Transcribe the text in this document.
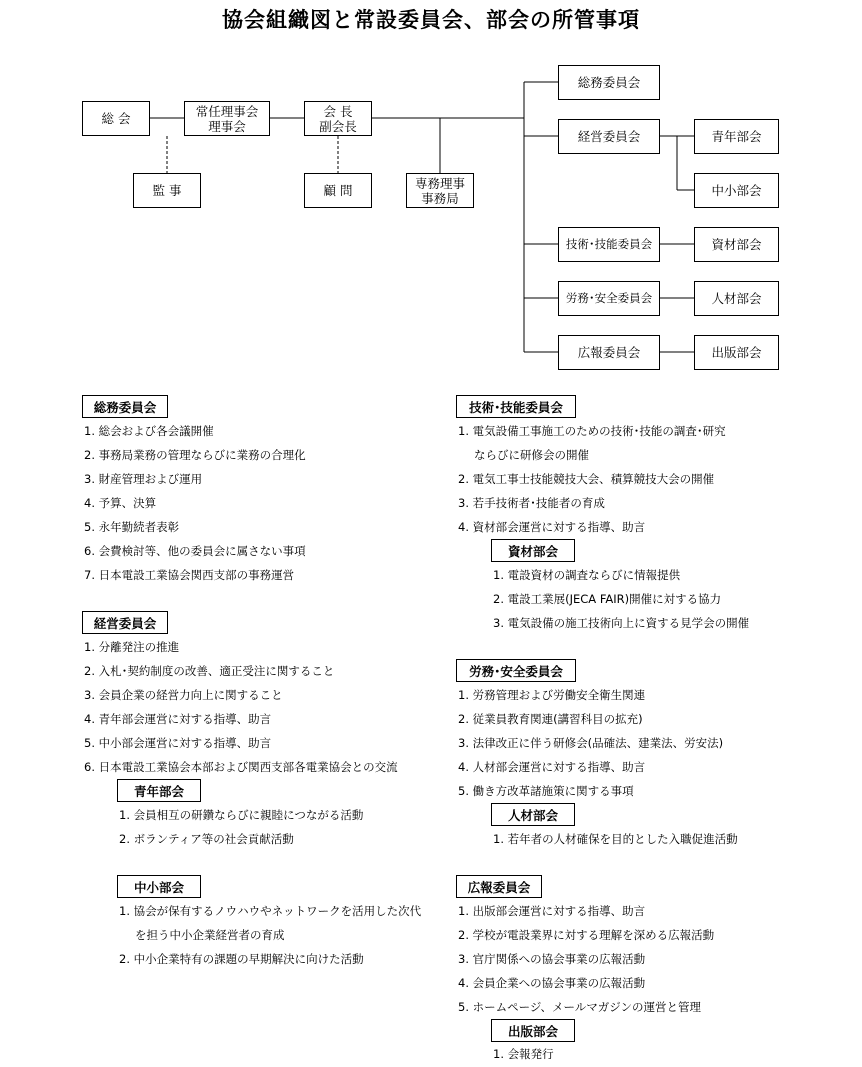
協会組織図と常設委員会、部会の所管事項
総 会	常任理事会
理事会
会 長
副会長
監 事	顧 問	専務理事
事務局
総務委員会
経営委員会	青年部会
中小部会
技術･技能委員会	資材部会
労務･安全委員会	人材部会
広報委員会	出版部会
総務委員会
1. 総会および各会議開催
2. 事務局業務の管理ならびに業務の合理化
3. 財産管理および運用
4. 予算、決算
5. 永年勤続者表彰
6. 会費検討等、他の委員会に属さない事項
7. 日本電設工業協会関西支部の事務運営
経営委員会
1. 分離発注の推進
2. 入札･契約制度の改善、適正受注に関すること
3. 会員企業の経営力向上に関すること
4. 青年部会運営に対する指導、助言
5. 中小部会運営に対する指導、助言
6. 日本電設工業協会本部および関西支部各電業協会との交流
青年部会
1. 会員相互の研鑽ならびに親睦につながる活動
2. ボランティア等の社会貢献活動
中小部会
1. 協会が保有するノウハウやネットワークを活用した次代
を担う中小企業経営者の育成
2. 中小企業特有の課題の早期解決に向けた活動
技術･技能委員会
1. 電気設備工事施工のための技術･技能の調査･研究
ならびに研修会の開催
2. 電気工事士技能競技大会、積算競技大会の開催
3. 若手技術者･技能者の育成
4. 資材部会運営に対する指導、助言
資材部会
1. 電設資材の調査ならびに情報提供
2. 電設工業展(JECA FAIR)開催に対する協力
3. 電気設備の施工技術向上に資する見学会の開催
労務･安全委員会
1. 労務管理および労働安全衛生関連
2. 従業員教育関連(講習科目の拡充)
3. 法律改正に伴う研修会(品確法、建業法、労安法)
4. 人材部会運営に対する指導、助言
5. 働き方改革諸施策に関する事項
人材部会
1. 若年者の人材確保を目的とした入職促進活動
広報委員会
1. 出版部会運営に対する指導、助言
2. 学校が電設業界に対する理解を深める広報活動
3. 官庁関係への協会事業の広報活動
4. 会員企業への協会事業の広報活動
5. ホームページ、メールマガジンの運営と管理
出版部会
1. 会報発行
